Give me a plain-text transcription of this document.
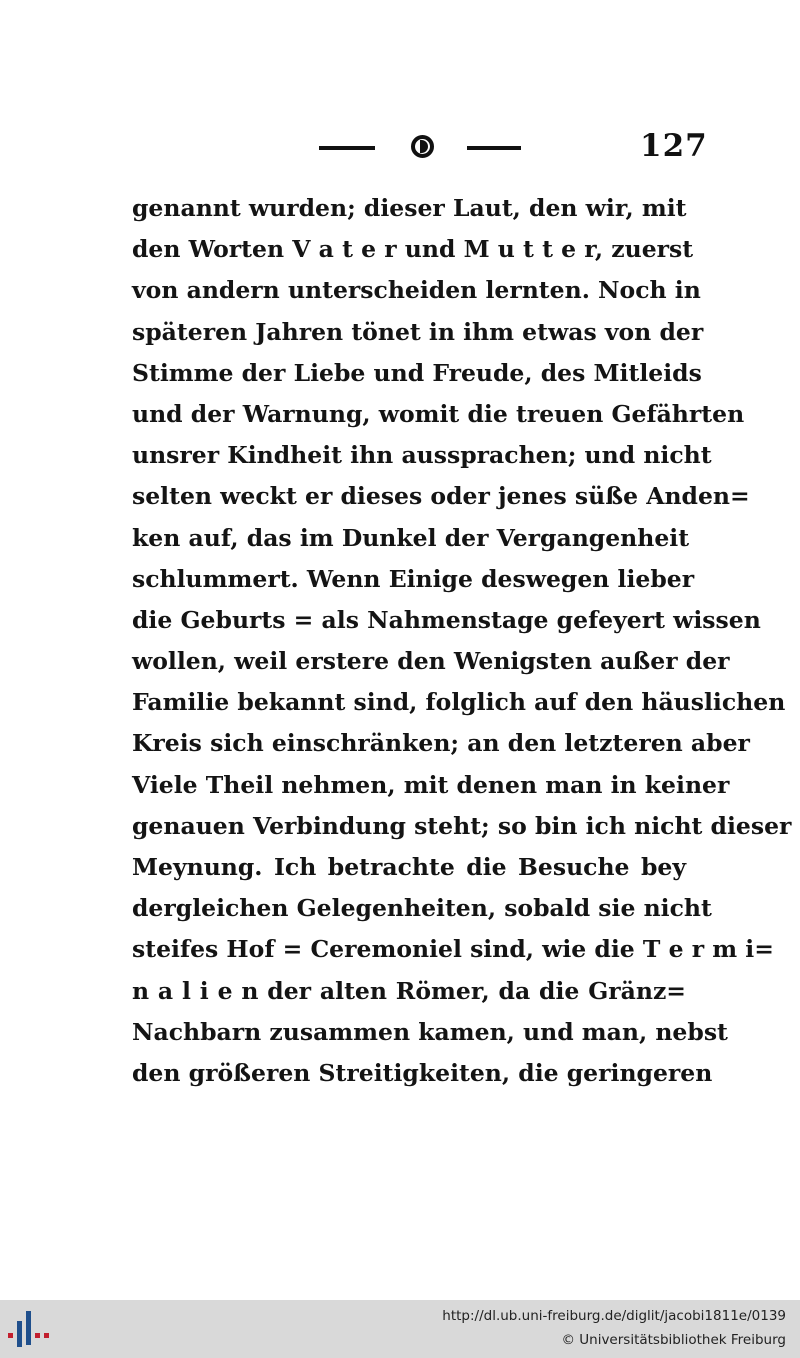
127
genannt wurden; dieser Laut, den wir, mit
den Worten V a t e r und M u t t e r, zuerst
von andern unterscheiden lernten. Noch in
späteren Jahren tönet in ihm etwas von der
Stimme der Liebe und Freude, des Mitleids
und der Warnung, womit die treuen Gefährten
unsrer Kindheit ihn aussprachen; und nicht
selten weckt er dieses oder jenes süße Anden=
ken auf, das im Dunkel der Vergangenheit
schlummert. Wenn Einige deswegen lieber
die Geburts = als Nahmenstage gefeyert wissen
wollen, weil erstere den Wenigsten außer der
Familie bekannt sind, folglich auf den häuslichen
Kreis sich einschränken; an den letzteren aber
Viele Theil nehmen, mit denen man in keiner
genauen Verbindung steht; so bin ich nicht dieser
Meynung. Ich betrachte die Besuche bey
dergleichen Gelegenheiten, sobald sie nicht
steifes Hof = Ceremoniel sind, wie die T e r m i=
n a l i e n der alten Römer, da die Gränz=
Nachbarn zusammen kamen, und man, nebst
den größeren Streitigkeiten, die geringeren
http://dl.ub.uni-freiburg.de/diglit/jacobi1811e/0139
© Universitätsbibliothek Freiburg
